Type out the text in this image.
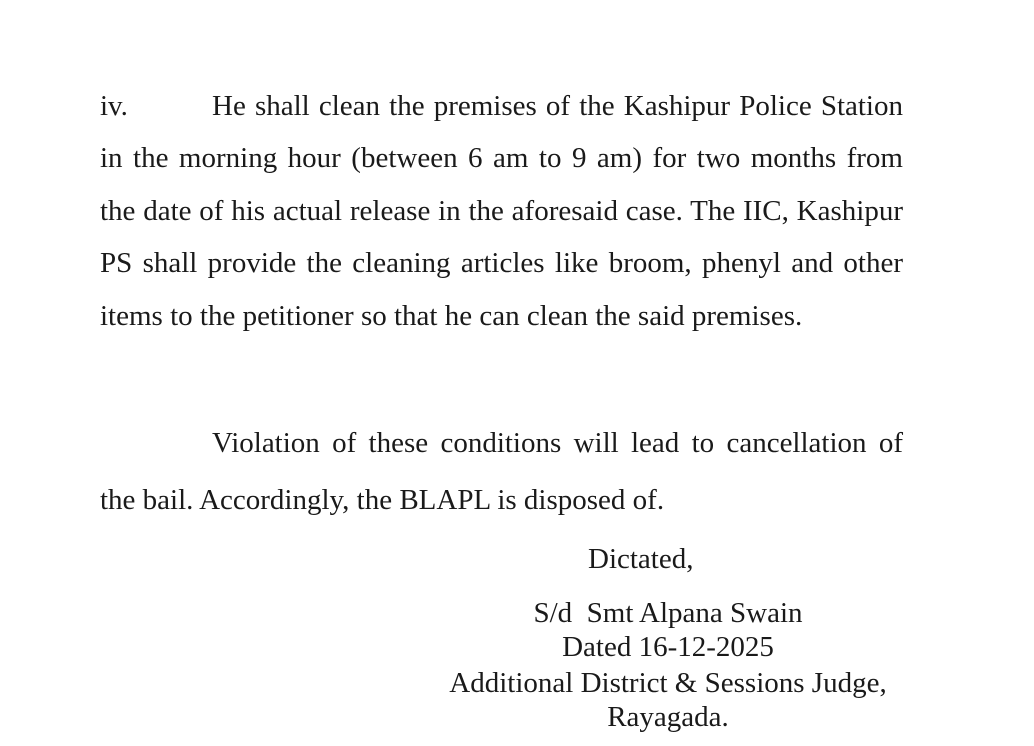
iv.	He shall clean the premises of the Kashipur Police Station in the morning hour (between 6 am to 9 am) for two months from the date of his actual release in the aforesaid case. The IIC, Kashipur PS shall provide the cleaning articles like broom, phenyl and other items to the petitioner so that he can clean the said premises.
Violation of these conditions will lead to cancellation of the bail. Accordingly, the BLAPL is disposed of.
Dictated,
S/d  Smt Alpana Swain
Dated 16-12-2025
Additional District & Sessions Judge,
Rayagada.
